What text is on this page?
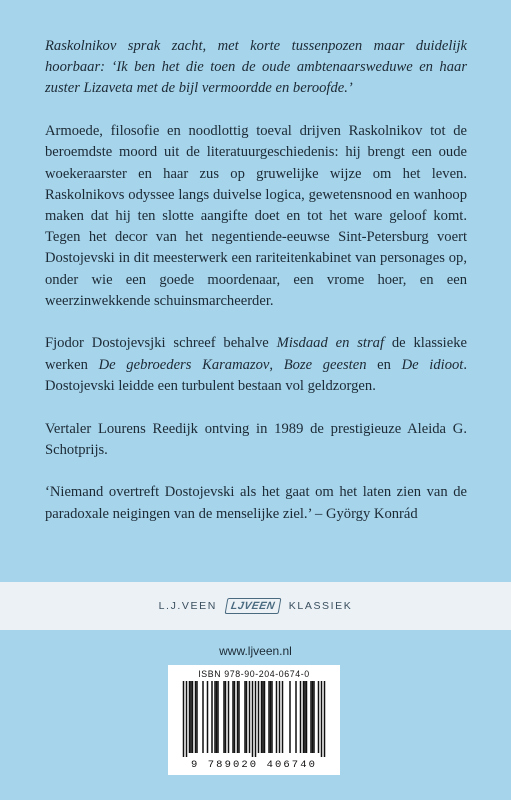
Raskolnikov sprak zacht, met korte tussenpozen maar duidelijk hoorbaar: ‘Ik ben het die toen de oude ambtenaarsweduwe en haar zuster Lizaveta met de bijl vermoordde en beroofde.’

Armoede, filosofie en noodlottig toeval drijven Raskolnikov tot de beroemdste moord uit de literatuurgeschiedenis: hij brengt een oude woekeraarster en haar zus op gruwelijke wijze om het leven. Raskolnikovs odyssee langs duivelse logica, gewetensnood en wanhoop maken dat hij ten slotte aangifte doet en tot het ware geloof komt. Tegen het decor van het negentiende-eeuwse Sint-Petersburg voert Dostojevski in dit meesterwerk een rariteitenkabinet van personages op, onder wie een goede moordenaar, een vrome hoer, en een weerzinwekkende schuinsmarcheerder.

Fjodor Dostojevsjki schreef behalve Misdaad en straf de klassieke werken De gebroeders Karamazov, Boze geesten en De idioot. Dostojevski leidde een turbulent bestaan vol geldzorgen.

Vertaler Lourens Reedijk ontving in 1989 de prestigieuze Aleida G. Schotprijs.

‘Niemand overtreft Dostojevski als het gaat om het laten zien van de paradoxale neigingen van de menselijke ziel.’ – György Konrád

L.J.VEEN	LJVEEN	KLASSIEK
www.ljveen.nl
ISBN 978-90-204-0674-0
9 789020 406740
